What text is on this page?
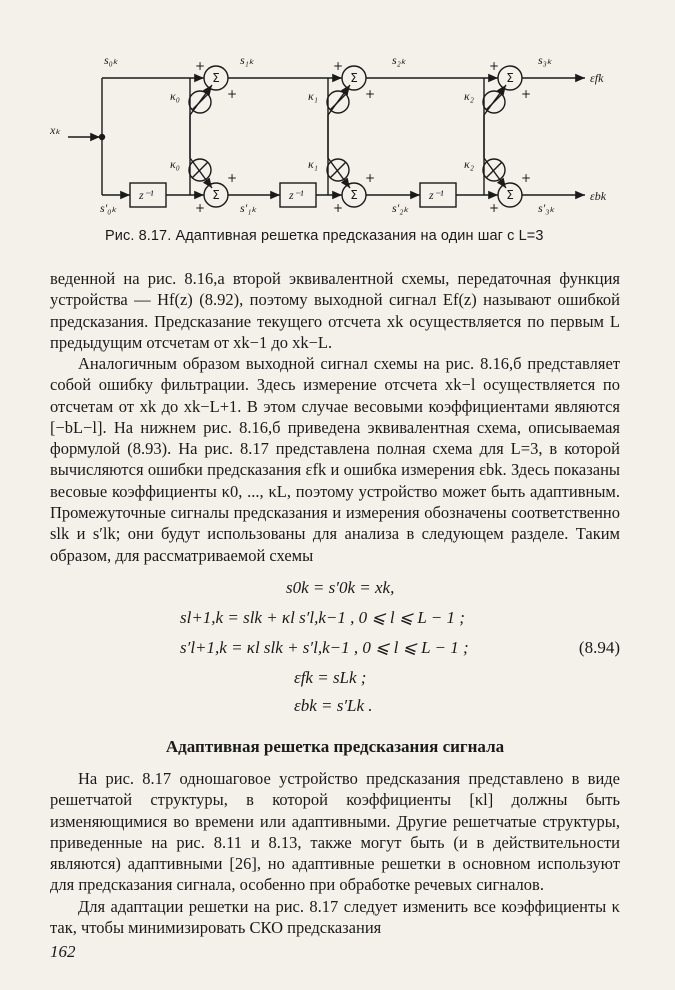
s₀ₖ	s₁ₖ	s₂ₖ	s₃ₖ
s′₀ₖ	s′₁ₖ	s′₂ₖ	s′₃ₖ
εfk
εbk
xₖ
κ₀
κ₀
κ₁
κ₁
κ₂
κ₂
z⁻¹	z⁻¹	z⁻¹
Σ
Σ
Σ
Σ
Σ
Σ
+
+
+
+
+
+
+
+
+
+
+
+
Рис. 8.17. Адаптивная решетка предсказания на один шаг с L=3

веденной на рис. 8.16,а второй эквивалентной схемы, передаточная функция устройства — Hf(z) (8.92), поэтому выходной сигнал Ef(z) называют ошибкой предсказания. Предсказание текущего отсчета xk осуществляется по первым L предыдущим отсчетам от xk−1 до xk−L.

Аналогичным образом выходной сигнал схемы на рис. 8.16,б представляет собой ошибку фильтрации. Здесь измерение отсчета xk−l осуществляется по отсчетам от xk до xk−L+1. В этом случае весовыми коэффициентами являются [−bL−l]. На нижнем рис. 8.16,б приведена эквивалентная схема, описываемая формулой (8.93). На рис. 8.17 представлена полная схема для L=3, в которой вычисляются ошибки предсказания εfk и ошибка измерения εbk. Здесь показаны весовые коэффициенты κ0, ..., κL, поэтому устройство может быть адаптивным. Промежуточные сигналы предсказания и измерения обозначены соответственно slk и s′lk; они будут использованы для анализа в следующем разделе. Таким образом, для рассматриваемой схемы

s0k = s′0k = xk,
sl+1,k = slk + κl s′l,k−1 , 0 ⩽ l ⩽ L − 1 ;
s′l+1,k = κl slk + s′l,k−1 , 0 ⩽ l ⩽ L − 1 ;
εfk = sLk ;
εbk = s′Lk .
(8.94)
Адаптивная решетка предсказания сигнала

На рис. 8.17 одношаговое устройство предсказания представлено в виде решетчатой структуры, в которой коэффициенты [κl] должны быть изменяющимися во времени или адаптивными. Другие решетчатые структуры, приведенные на рис. 8.11 и 8.13, также могут быть (и в действительности являются) адаптивными [26], но адаптивные решетки в основном используют для предсказания сигнала, особенно при обработке речевых сигналов.

Для адаптации решетки на рис. 8.17 следует изменить все коэффициенты κ так, чтобы минимизировать СКО предсказания

162
